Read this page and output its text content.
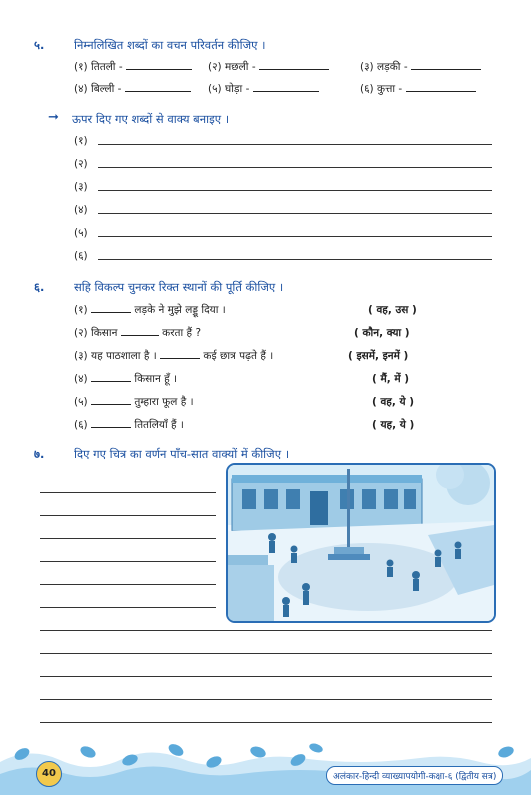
५.	निम्नलिखित शब्दों का वचन परिवर्तन कीजिए ।
(१) तितली -	(२) मछली -	(३) लड़की -
(४) बिल्ली -	(५) घोड़ा -	(६) कुत्ता -
➞ ऊपर दिए गए शब्दों से वाक्य बनाइए ।
(१)
(२)
(३)
(४)
(५)
(६)
६.	सहि विकल्प चुनकर रिक्त स्थानों की पूर्ति कीजिए ।
(१)	लड़के ने मुझे लड्डू दिया ।	( वह, उस )
(२) किसान	करता हैं ?	( कौन, क्या )
(३) यह पाठशाला है ।	कई छात्र पढ़ते हैं ।	( इसमें, इनमें )
(४)	किसान हूँ ।	( मैं, में )
(५)	तुम्हारा फूल है ।	( वह, ये )
(६)	तितलियाँ हैं ।	( यह, ये )
७.	दिए गए चित्र का वर्णन पाँच-सात वाक्यों में कीजिए ।
40	अलंकार-हिन्दी व्याख्यापयोगी-कक्षा-६ (द्वितीय सत्र)
